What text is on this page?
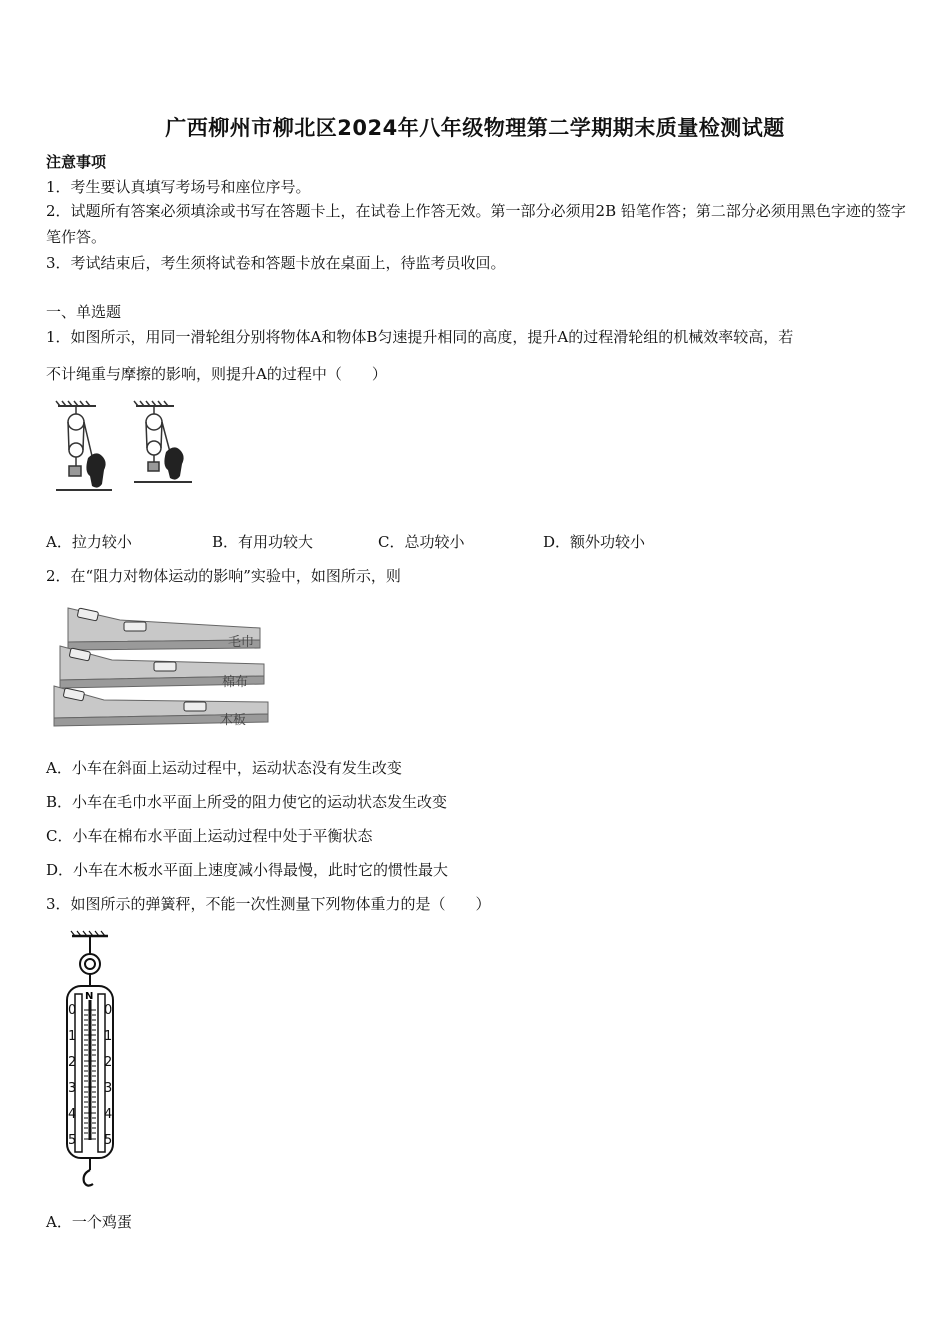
广西柳州市柳北区2024年八年级物理第二学期期末质量检测试题
注意事项
1．考生要认真填写考场号和座位序号。
2．试题所有答案必须填涂或书写在答题卡上，在试卷上作答无效。第一部分必须用2B 铅笔作答；第二部分必须用黑色字迹的签字笔作答。
3．考试结束后，考生须将试卷和答题卡放在桌面上，待监考员收回。
一、单选题
1．如图所示，用同一滑轮组分别将物体A和物体B匀速提升相同的高度，提升A的过程滑轮组的机械效率较高，若
不计绳重与摩擦的影响，则提升A的过程中（　　）
A．拉力较小	B．有用功较大	C．总功较小	D．额外功较小
2．在“阻力对物体运动的影响”实验中，如图所示，则
毛巾
棉布
木板
A．小车在斜面上运动过程中，运动状态没有发生改变
B．小车在毛巾水平面上所受的阻力使它的运动状态发生改变
C．小车在棉布水平面上运动过程中处于平衡状态
D．小车在木板水平面上速度减小得最慢，此时它的惯性最大
3．如图所示的弹簧秤，不能一次性测量下列物体重力的是（　　）
N
0
1
2
3
4
5
0
1
2
3
4
5
A．一个鸡蛋
